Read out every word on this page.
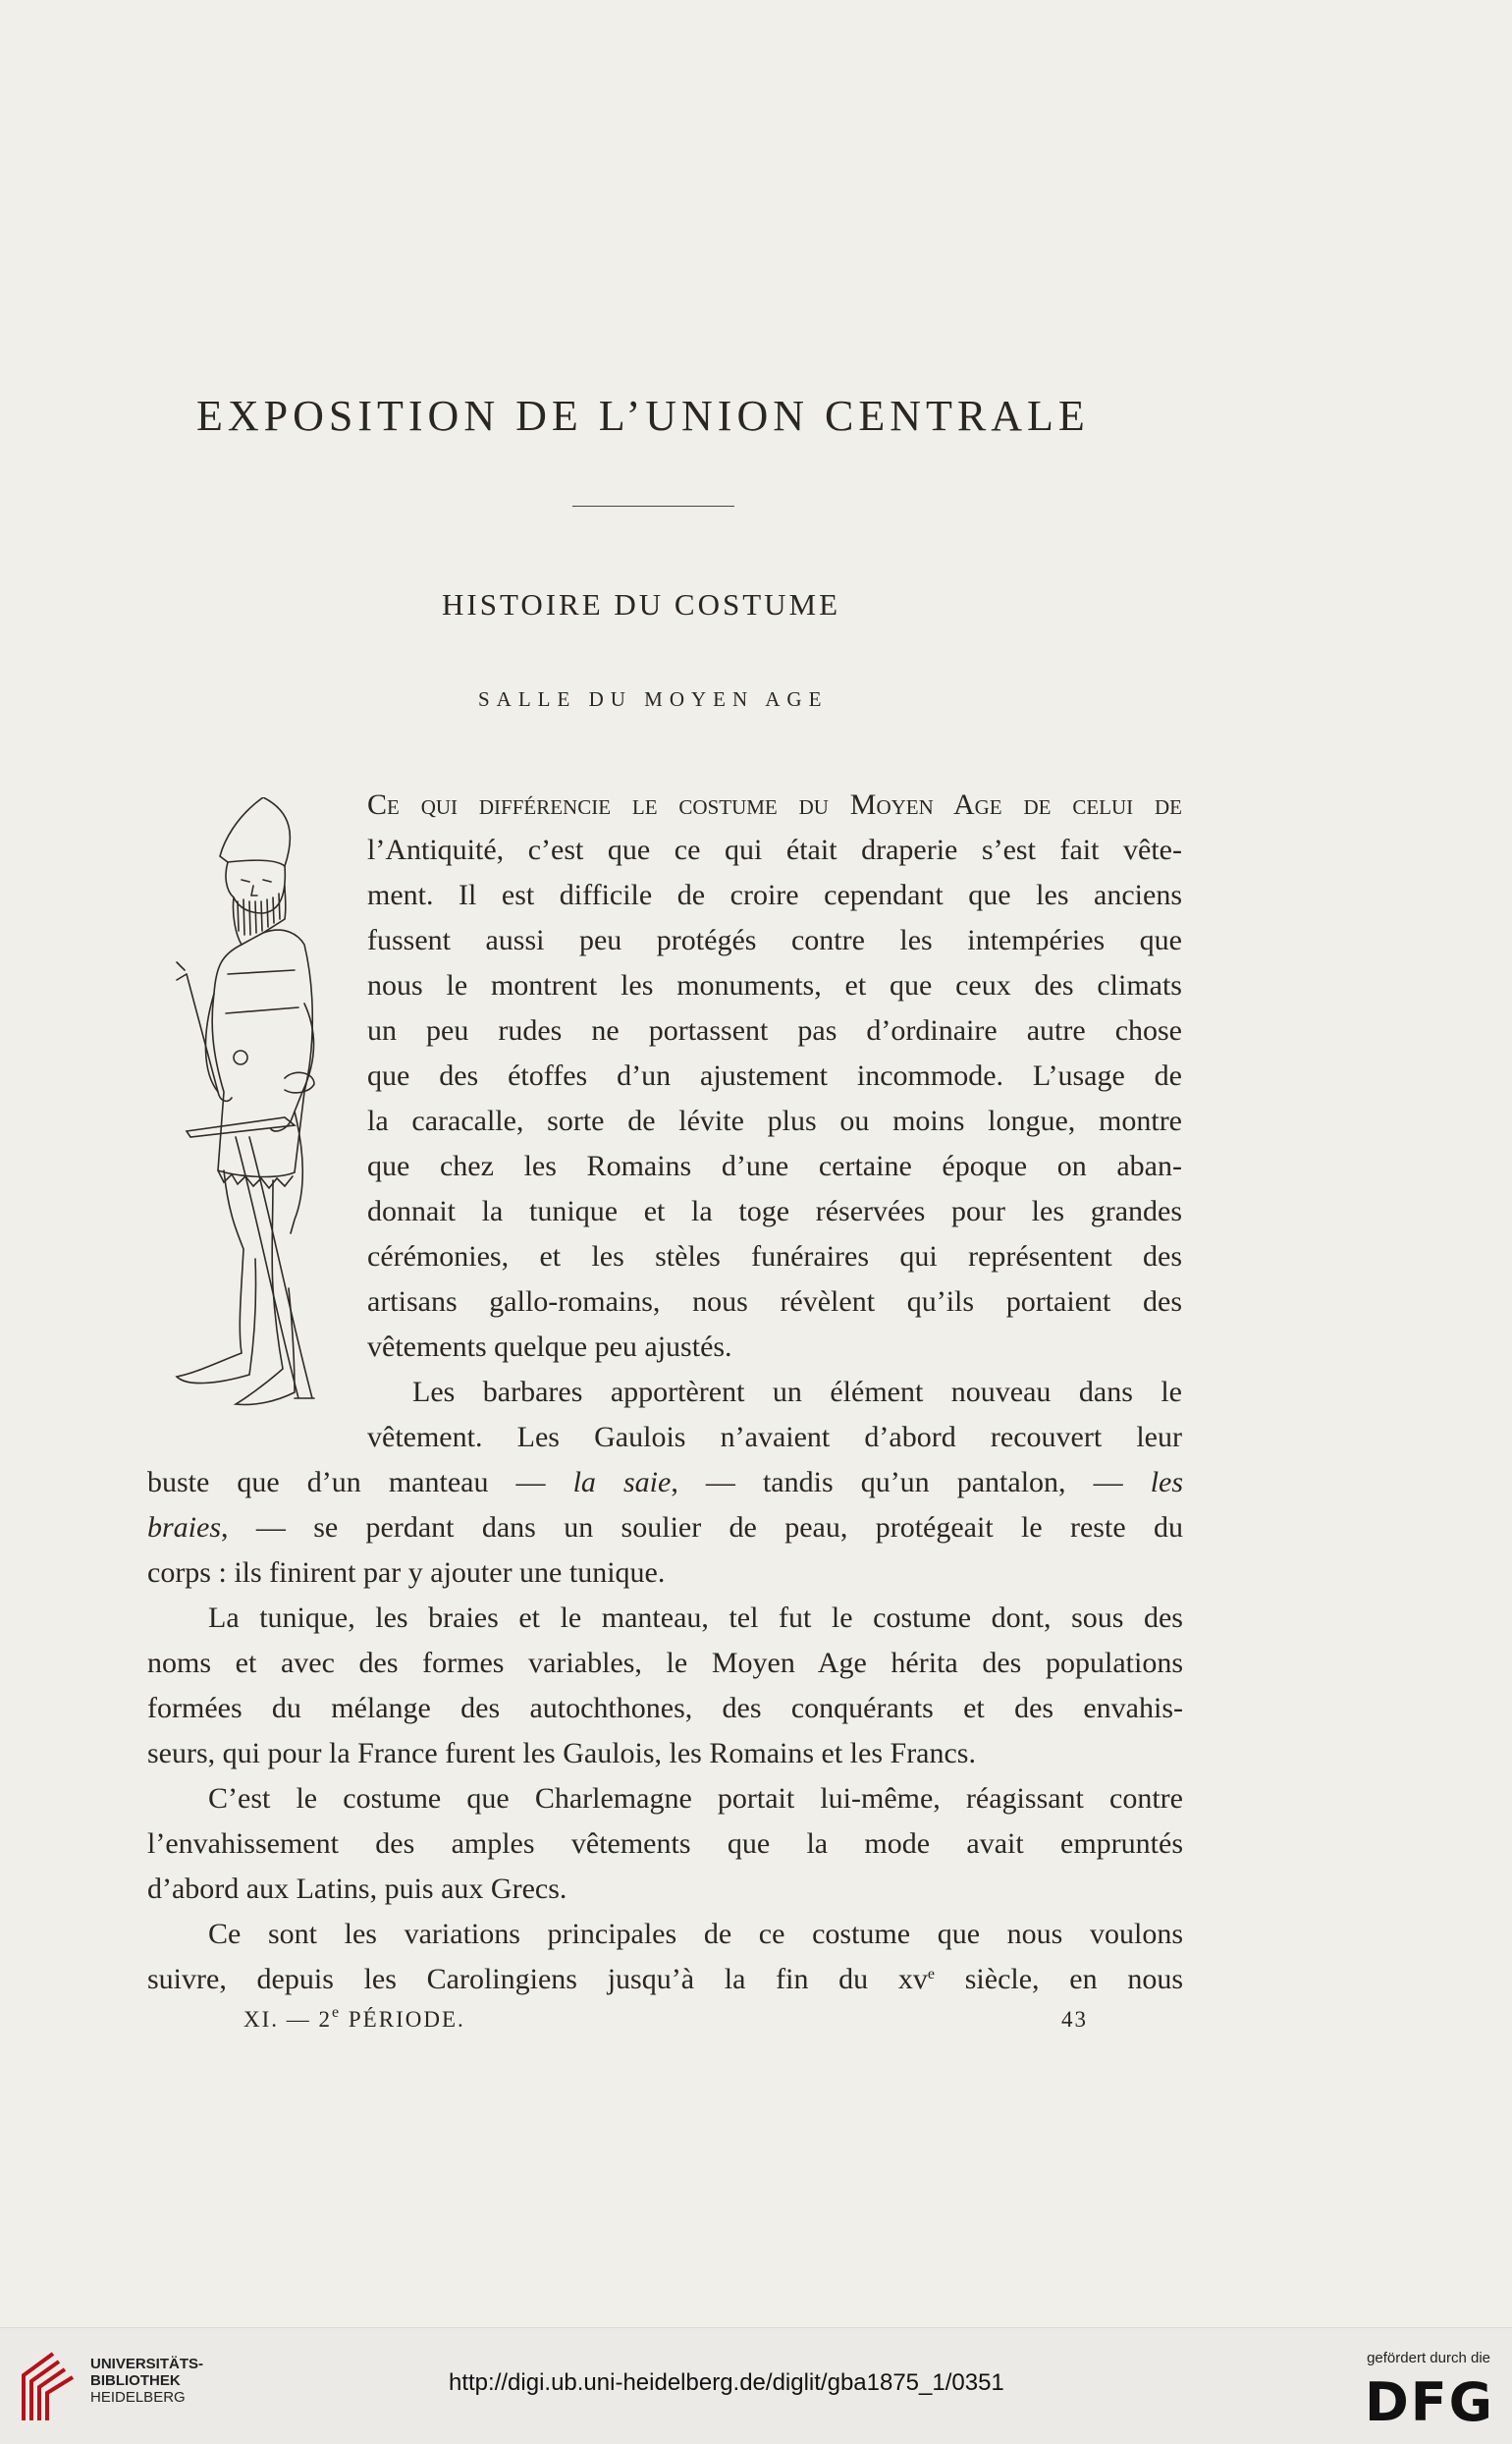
EXPOSITION DE L’UNION CENTRALE
HISTOIRE DU COSTUME
SALLE DU MOYEN AGE
Ce qui différencie le costume du Moyen Age de celui de
l’Antiquité, c’est que ce qui était draperie s’est fait vête-
ment. Il est difficile de croire cependant que les anciens
fussent aussi peu protégés contre les intempéries que
nous le montrent les monuments, et que ceux des climats
un peu rudes ne portassent pas d’ordinaire autre chose
que des étoffes d’un ajustement incommode. L’usage de
la caracalle, sorte de lévite plus ou moins longue, montre
que chez les Romains d’une certaine époque on aban-
donnait la tunique et la toge réservées pour les grandes
cérémonies, et les stèles funéraires qui représentent des
artisans gallo-romains, nous révèlent qu’ils portaient des
vêtements quelque peu ajustés.
Les barbares apportèrent un élément nouveau dans le
vêtement. Les Gaulois n’avaient d’abord recouvert leur
buste que d’un manteau — la saie, — tandis qu’un pantalon, — les
braies, — se perdant dans un soulier de peau, protégeait le reste du
corps : ils finirent par y ajouter une tunique.
La tunique, les braies et le manteau, tel fut le costume dont, sous des
noms et avec des formes variables, le Moyen Age hérita des populations
formées du mélange des autochthones, des conquérants et des envahis-
seurs, qui pour la France furent les Gaulois, les Romains et les Francs.
C’est le costume que Charlemagne portait lui-même, réagissant contre
l’envahissement des amples vêtements que la mode avait empruntés
d’abord aux Latins, puis aux Grecs.
Ce sont les variations principales de ce costume que nous voulons
suivre, depuis les Carolingiens jusqu’à la fin du $xv^e$ siècle, en nous
XI. — 2e PÉRIODE.	43
UNIVERSITÄTS-
BIBLIOTHEK
HEIDELBERG
http://digi.ub.uni-heidelberg.de/diglit/gba1875_1/0351
gefördert durch die
DFG
